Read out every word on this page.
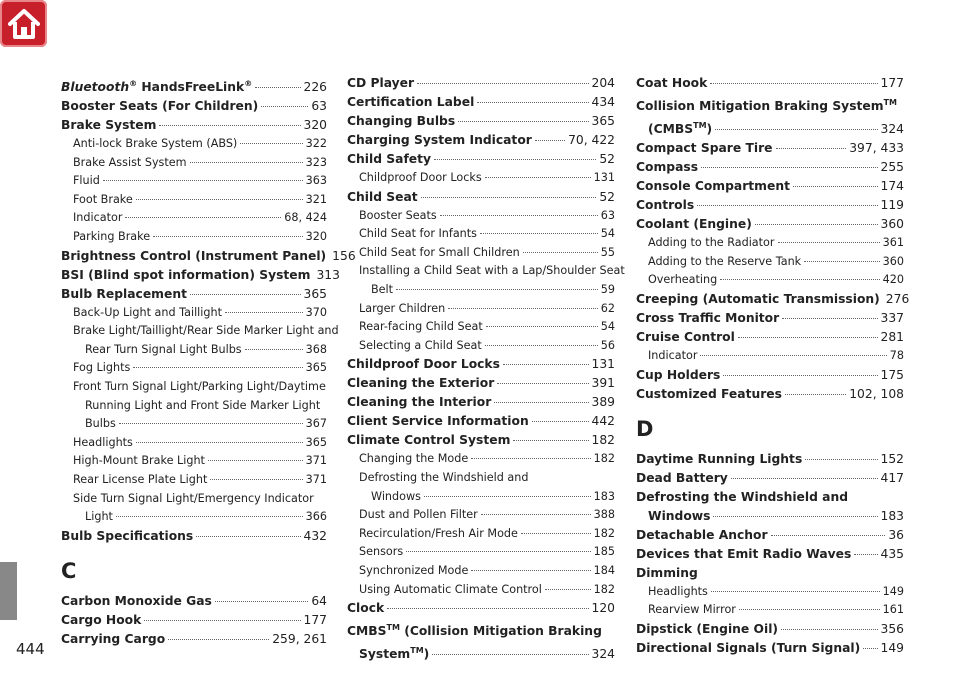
444
Bluetooth® HandsFreeLink®	226
Booster Seats (For Children)	63
Brake System	320
Anti-lock Brake System (ABS)	322
Brake Assist System	323
Fluid	363
Foot Brake	321
Indicator	68, 424
Parking Brake	320
Brightness Control (Instrument Panel) 156
BSI (Blind spot information) System 313
Bulb Replacement	365
Back-Up Light and Taillight	370
Brake Light/Taillight/Rear Side Marker Light and
Rear Turn Signal Light Bulbs	368
Fog Lights	365
Front Turn Signal Light/Parking Light/Daytime
Running Light and Front Side Marker Light
Bulbs	367
Headlights	365
High-Mount Brake Light	371
Rear License Plate Light	371
Side Turn Signal Light/Emergency Indicator
Light	366
Bulb Specifications	432
C
Carbon Monoxide Gas	64
Cargo Hook	177
Carrying Cargo	259, 261
CD Player	204
Certification Label	434
Changing Bulbs	365
Charging System Indicator	70, 422
Child Safety	52
Childproof Door Locks	131
Child Seat	52
Booster Seats	63
Child Seat for Infants	54
Child Seat for Small Children	55
Installing a Child Seat with a Lap/Shoulder Seat
Belt	59
Larger Children	62
Rear-facing Child Seat	54
Selecting a Child Seat	56
Childproof Door Locks	131
Cleaning the Exterior	391
Cleaning the Interior	389
Client Service Information	442
Climate Control System	182
Changing the Mode	182
Defrosting the Windshield and
Windows	183
Dust and Pollen Filter	388
Recirculation/Fresh Air Mode	182
Sensors	185
Synchronized Mode	184
Using Automatic Climate Control	182
Clock	120
CMBS™ (Collision Mitigation Braking
System™)	324
Coat Hook	177
Collision Mitigation Braking System™
(CMBS™)	324
Compact Spare Tire	397, 433
Compass	255
Console Compartment	174
Controls	119
Coolant (Engine)	360
Adding to the Radiator	361
Adding to the Reserve Tank	360
Overheating	420
Creeping (Automatic Transmission) 276
Cross Traffic Monitor	337
Cruise Control	281
Indicator	78
Cup Holders	175
Customized Features	102, 108
D
Daytime Running Lights	152
Dead Battery	417
Defrosting the Windshield and
Windows	183
Detachable Anchor	36
Devices that Emit Radio Waves 435
Dimming
Headlights	149
Rearview Mirror	161
Dipstick (Engine Oil)	356
Directional Signals (Turn Signal) 149
